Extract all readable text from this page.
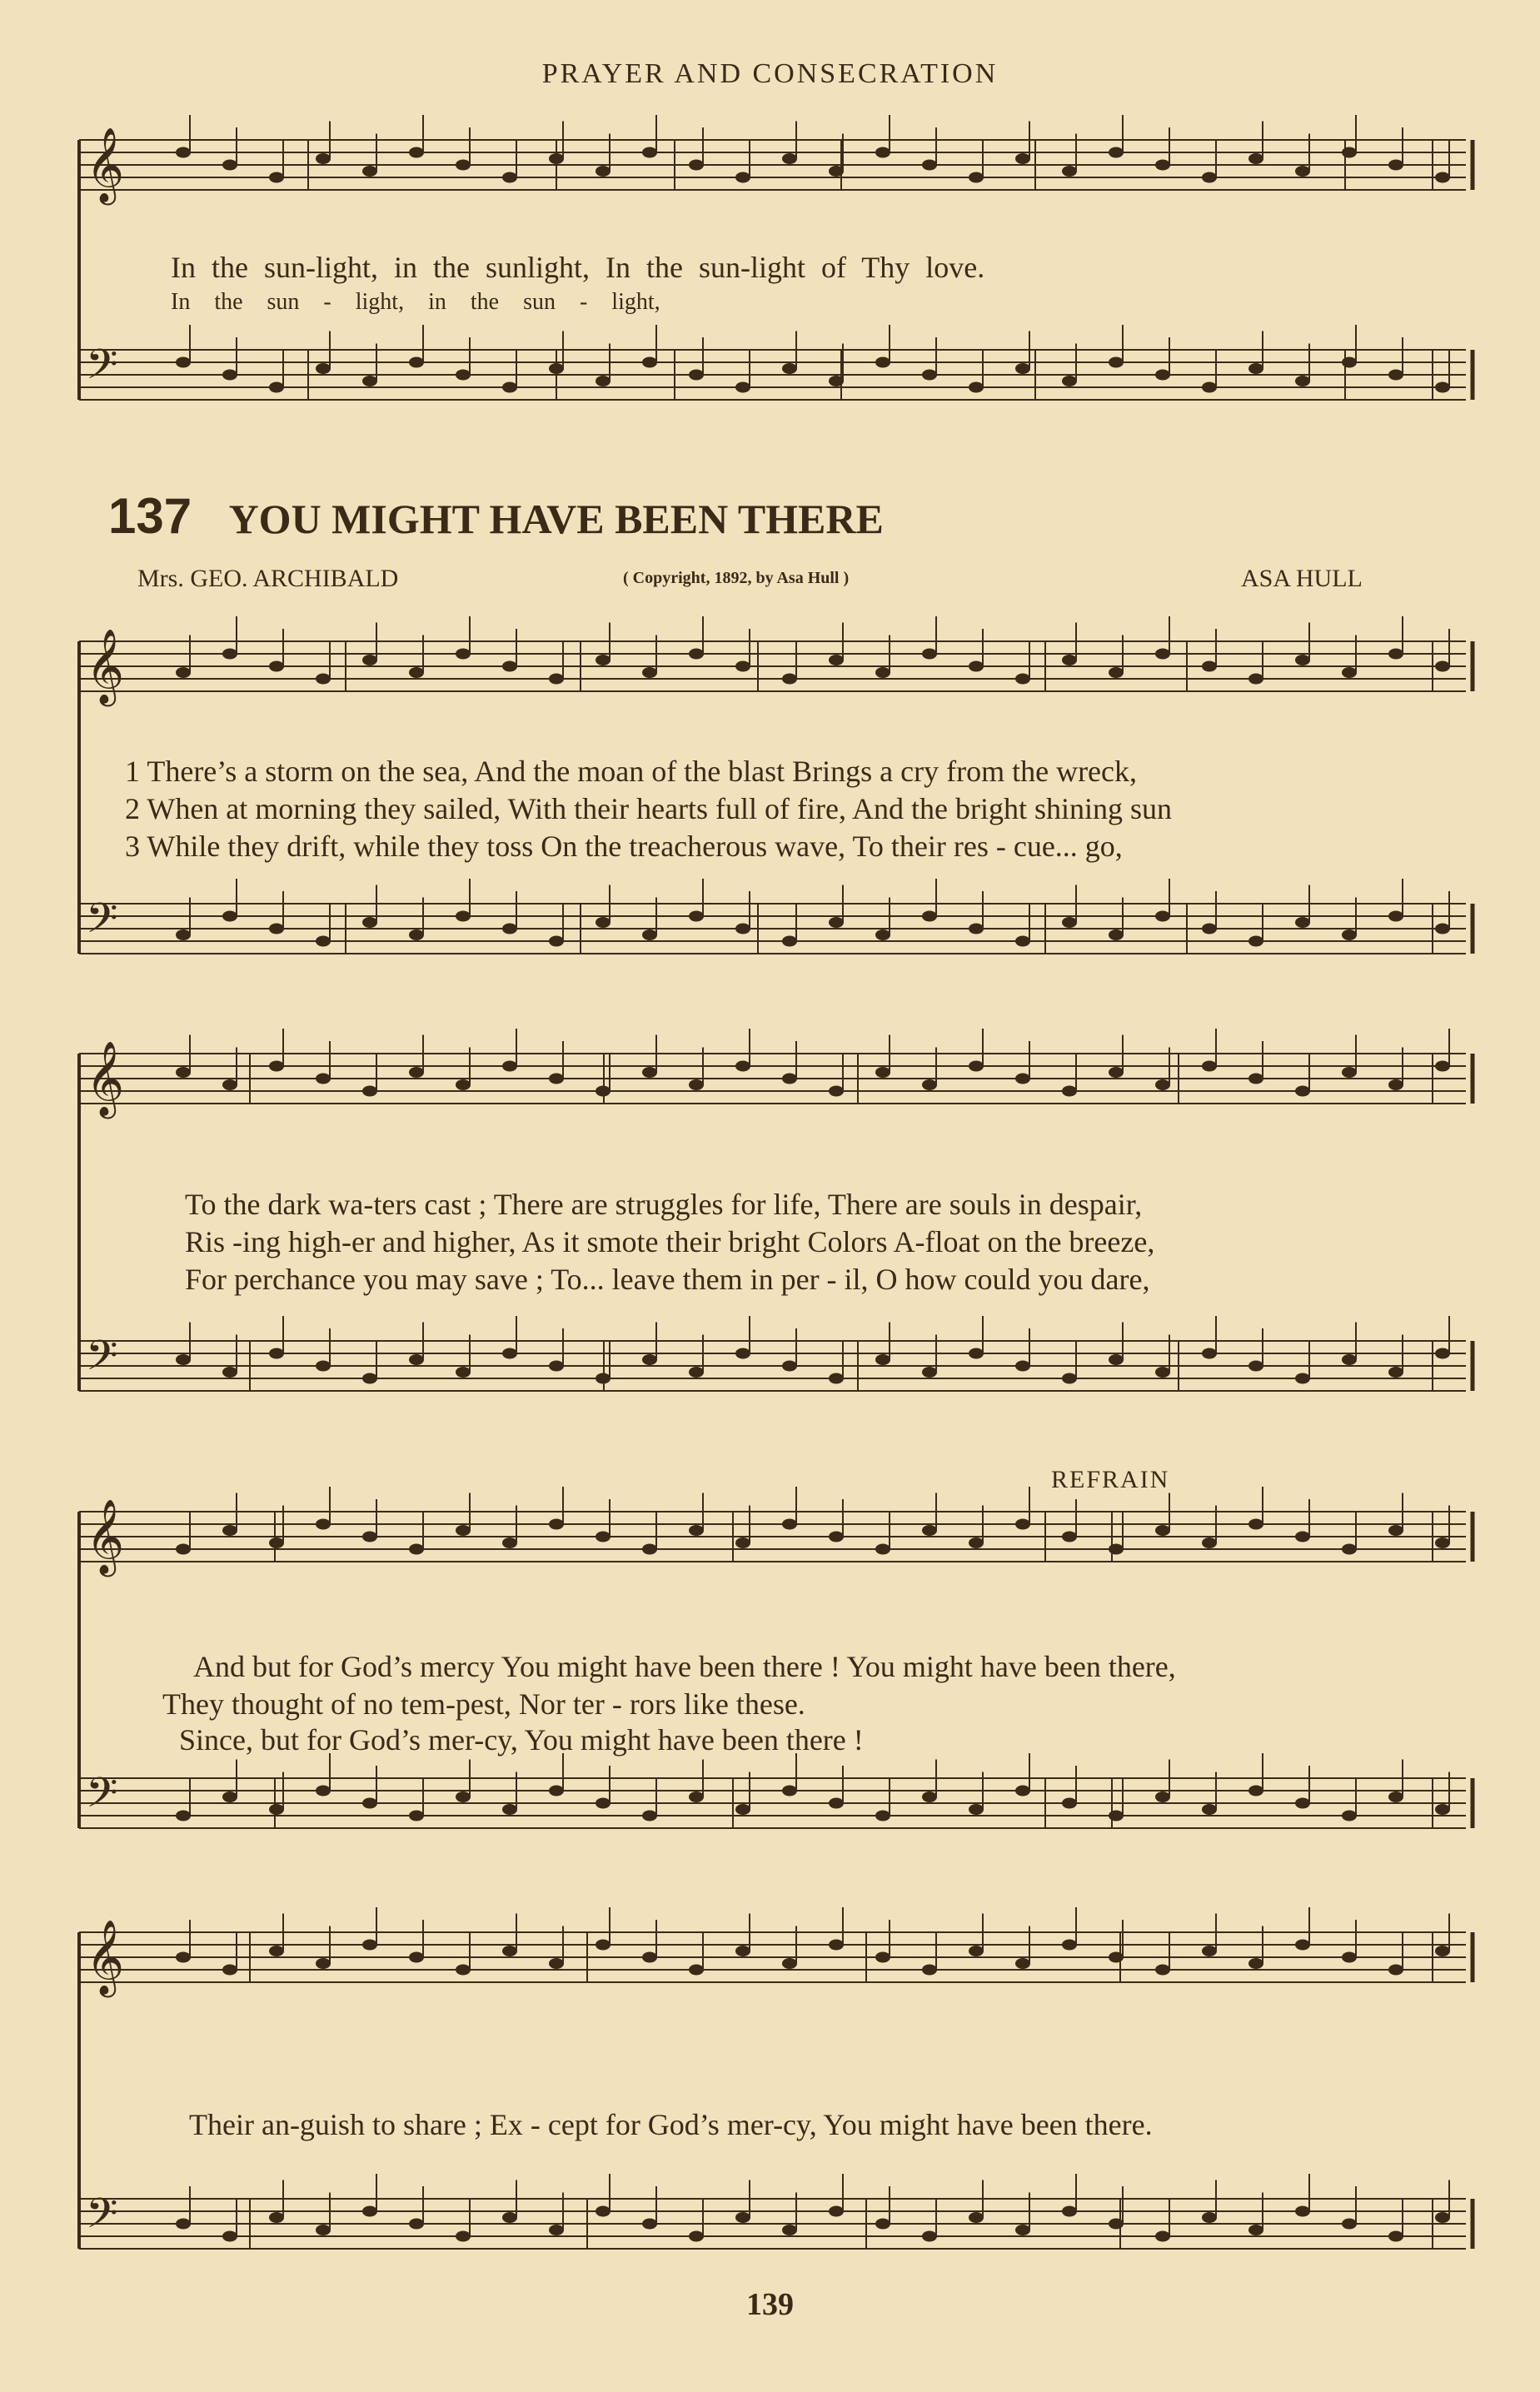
PRAYER AND CONSECRATION
𝄞
𝄢
𝄞
𝄢
𝄞
𝄢
𝄞
𝄢
𝄞
𝄢
In the sun-light, in the sunlight, In the sun-light of Thy love.
In the sun - light, in the sun - light,
137 YOU MIGHT HAVE BEEN THERE
Mrs. GEO. ARCHIBALD	( Copyright, 1892, by Asa Hull )	ASA HULL
1 There’s a storm on the sea, And the moan of the blast Brings a cry from the wreck,
2 When at morning they sailed, With their hearts full of fire, And the bright shining sun
3 While they drift, while they toss On the treacherous wave, To their res - cue... go,
To the dark wa-ters cast ; There are struggles for life, There are souls in despair,
Ris -ing high-er and higher, As it smote their bright Colors A-float on the breeze,
For perchance you may save ; To... leave them in per - il, O how could you dare,
REFRAIN
And but for God’s mercy You might have been there ! You might have been there,
They thought of no tem-pest, Nor ter - rors like these.
Since, but for God’s mer-cy, You might have been there !
Their an-guish to share ; Ex - cept for God’s mer-cy, You might have been there.
139
